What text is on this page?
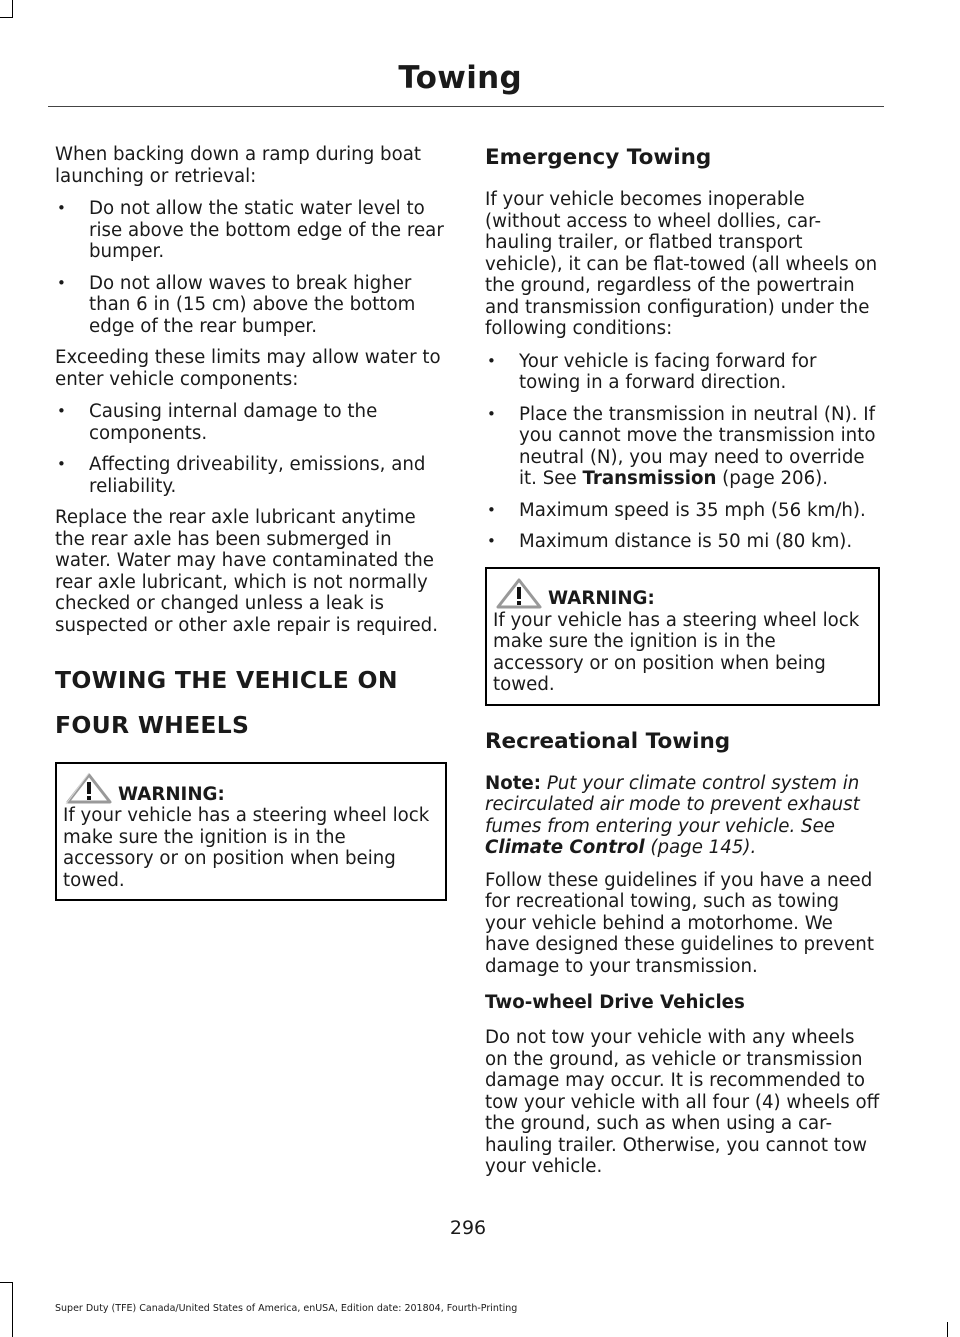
Towing

When backing down a ramp during boat launching or retrieval:

• Do not allow the static water level to rise above the bottom edge of the rear bumper.
• Do not allow waves to break higher than 6 in (15 cm) above the bottom edge of the rear bumper.

Exceeding these limits may allow water to enter vehicle components:

• Causing internal damage to the components.
• Affecting driveability, emissions, and reliability.

Replace the rear axle lubricant anytime the rear axle has been submerged in water. Water may have contaminated the rear axle lubricant, which is not normally checked or changed unless a leak is suspected or other axle repair is required.

TOWING THE VEHICLE ON
FOUR WHEELS
WARNING:
If your vehicle has a steering wheel lock make sure the ignition is in the accessory or on position when being towed.
Emergency Towing

If your vehicle becomes inoperable (without access to wheel dollies, car-hauling trailer, or flatbed transport vehicle), it can be flat-towed (all wheels on the ground, regardless of the powertrain and transmission configuration) under the following conditions:

• Your vehicle is facing forward for towing in a forward direction.
• Place the transmission in neutral (N). If you cannot move the transmission into neutral (N), you may need to override it. See Transmission (page 206).
• Maximum speed is 35 mph (56 km/h).
• Maximum distance is 50 mi (80 km).
WARNING:
If your vehicle has a steering wheel lock make sure the ignition is in the accessory or on position when being towed.
Recreational Towing

Note: Put your climate control system in recirculated air mode to prevent exhaust fumes from entering your vehicle. See Climate Control (page 145).

Follow these guidelines if you have a need for recreational towing, such as towing your vehicle behind a motorhome. We have designed these guidelines to prevent damage to your transmission.

Two-wheel Drive Vehicles

Do not tow your vehicle with any wheels on the ground, as vehicle or transmission damage may occur. It is recommended to tow your vehicle with all four (4) wheels off the ground, such as when using a car-hauling trailer. Otherwise, you cannot tow your vehicle.

296
Super Duty (TFE) Canada/United States of America, enUSA, Edition date: 201804, Fourth-Printing
